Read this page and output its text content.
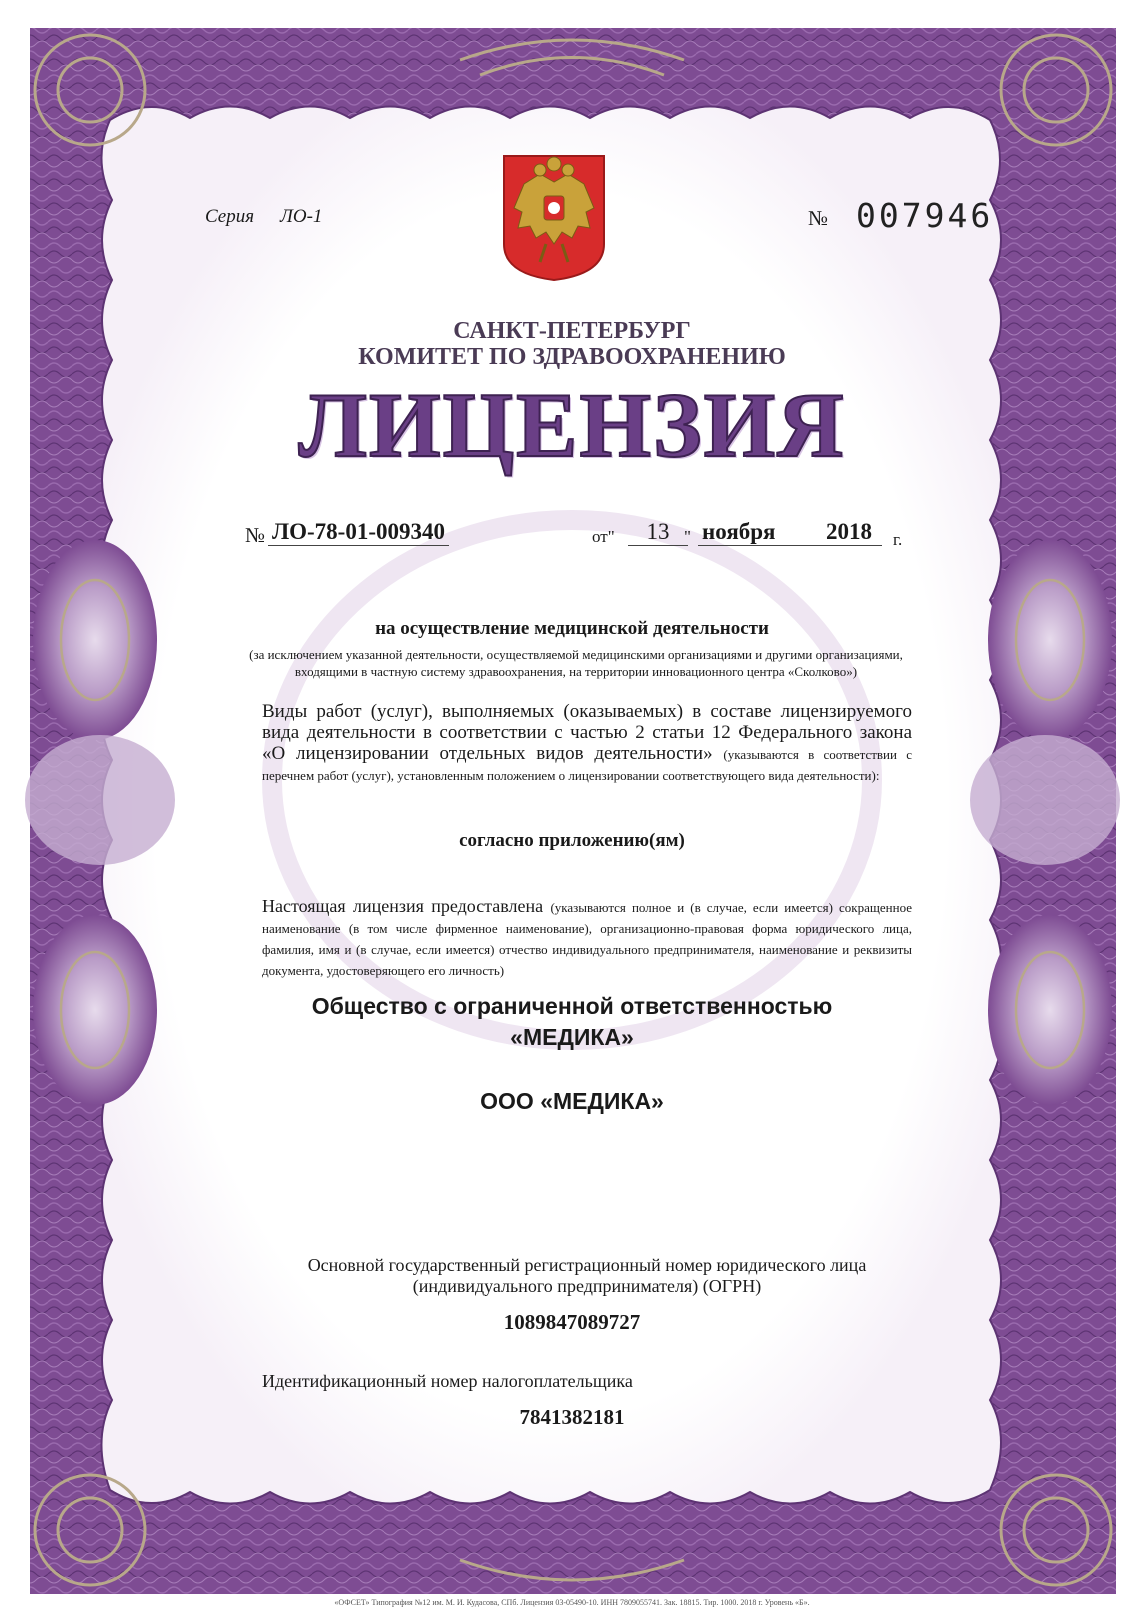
Серия ЛО-1	№ 007946
САНКТ-ПЕТЕРБУРГ
КОМИТЕТ ПО ЗДРАВООХРАНЕНИЮ
ЛИЦЕНЗИЯ
№ ЛО-78-01-009340	от"	13 " ноября	2018 г.
на осуществление медицинской деятельности
(за исключением указанной деятельности, осуществляемой медицинскими организациями и другими организациями, входящими в частную систему здравоохранения, на территории инновационного центра «Сколково»)
Виды работ (услуг), выполняемых (оказываемых) в составе лицензируемого вида деятельности в соответствии с частью 2 статьи 12 Федерального закона «О лицензировании отдельных видов деятельности» (указываются в соответствии с перечнем работ (услуг), установленным положением о лицензировании соответствующего вида деятельности):
согласно приложению(ям)
Настоящая лицензия предоставлена (указываются полное и (в случае, если имеется) сокращенное наименование (в том числе фирменное наименование), организационно-правовая форма юридического лица, фамилия, имя и (в случае, если имеется) отчество индивидуального предпринимателя, наименование и реквизиты документа, удостоверяющего его личность)
Общество с ограниченной ответственностью
«МЕДИКА»
ООО «МЕДИКА»
Основной государственный регистрационный номер юридического лица (индивидуального предпринимателя) (ОГРН)
1089847089727
Идентификационный номер налогоплательщика
7841382181
«ОФСЕТ» Типография №12 им. М. И. Кудасова, СПб. Лицензия 03-05490-10. ИНН 7809055741. Зак. 18815. Тир. 1000. 2018 г. Уровень «Б».
